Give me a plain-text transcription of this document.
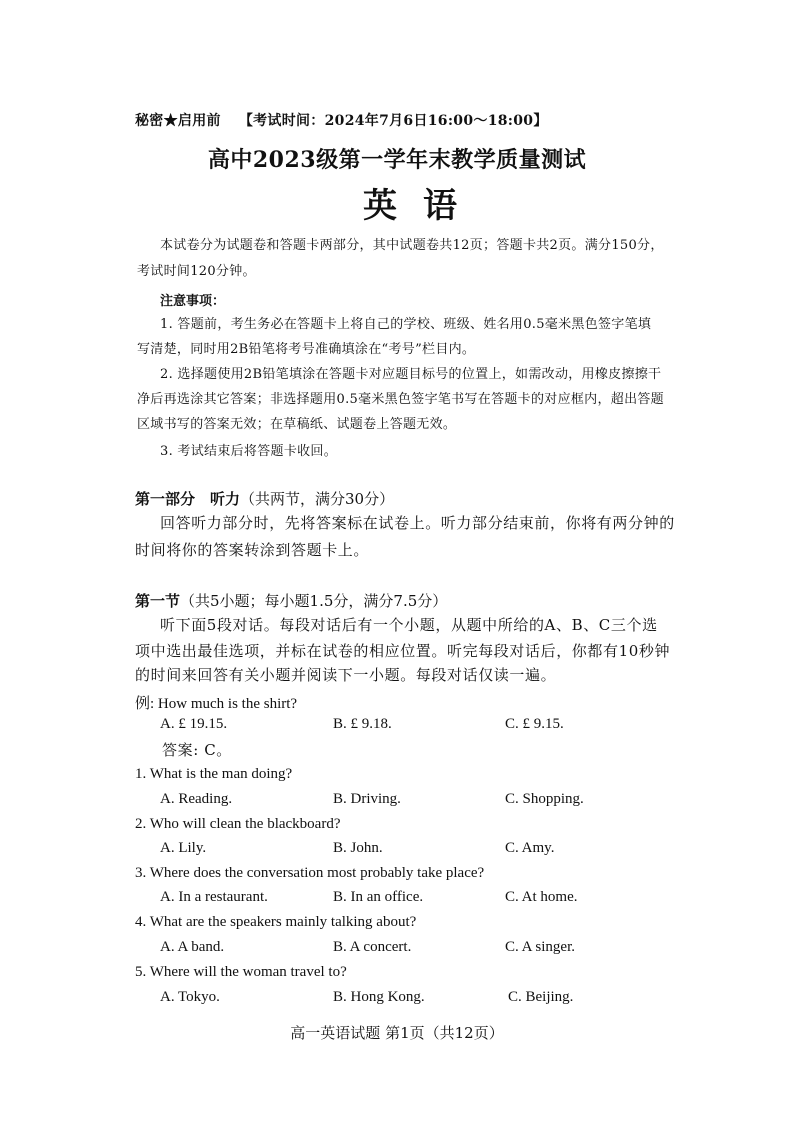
秘密★启用前 【考试时间：2024年7月6日16:00～18:00】
高中2023级第一学年末教学质量测试
英语
本试卷分为试题卷和答题卡两部分，其中试题卷共12页；答题卡共2页。满分150分，
考试时间120分钟。
注意事项：
1. 答题前，考生务必在答题卡上将自己的学校、班级、姓名用0.5毫米黑色签字笔填
写清楚，同时用2B铅笔将考号准确填涂在“考号”栏目内。
2. 选择题使用2B铅笔填涂在答题卡对应题目标号的位置上，如需改动，用橡皮擦擦干
净后再选涂其它答案；非选择题用0.5毫米黑色签字笔书写在答题卡的对应框内，超出答题
区域书写的答案无效；在草稿纸、试题卷上答题无效。
3. 考试结束后将答题卡收回。
第一部分　听力（共两节，满分30分）
回答听力部分时，先将答案标在试卷上。听力部分结束前，你将有两分钟的
时间将你的答案转涂到答题卡上。
第一节（共5小题；每小题1.5分，满分7.5分）
听下面5段对话。每段对话后有一个小题，从题中所给的A、B、C三个选
项中选出最佳选项，并标在试卷的相应位置。听完每段对话后，你都有10秒钟
的时间来回答有关小题并阅读下一小题。每段对话仅读一遍。
例: How much is the shirt?
A. £ 19.15.	B. £ 9.18.	C. £ 9.15.
答案: C。
1. What is the man doing?
A. Reading.	B. Driving.	C. Shopping.
2. Who will clean the blackboard?
A. Lily.	B. John.	C. Amy.
3. Where does the conversation most probably take place?
A. In a restaurant.	B. In an office.	C. At home.
4. What are the speakers mainly talking about?
A. A band.	B. A concert.	C. A singer.
5. Where will the woman travel to?
A. Tokyo.	B. Hong Kong.	C. Beijing.
高一英语试题 第1页（共12页）
